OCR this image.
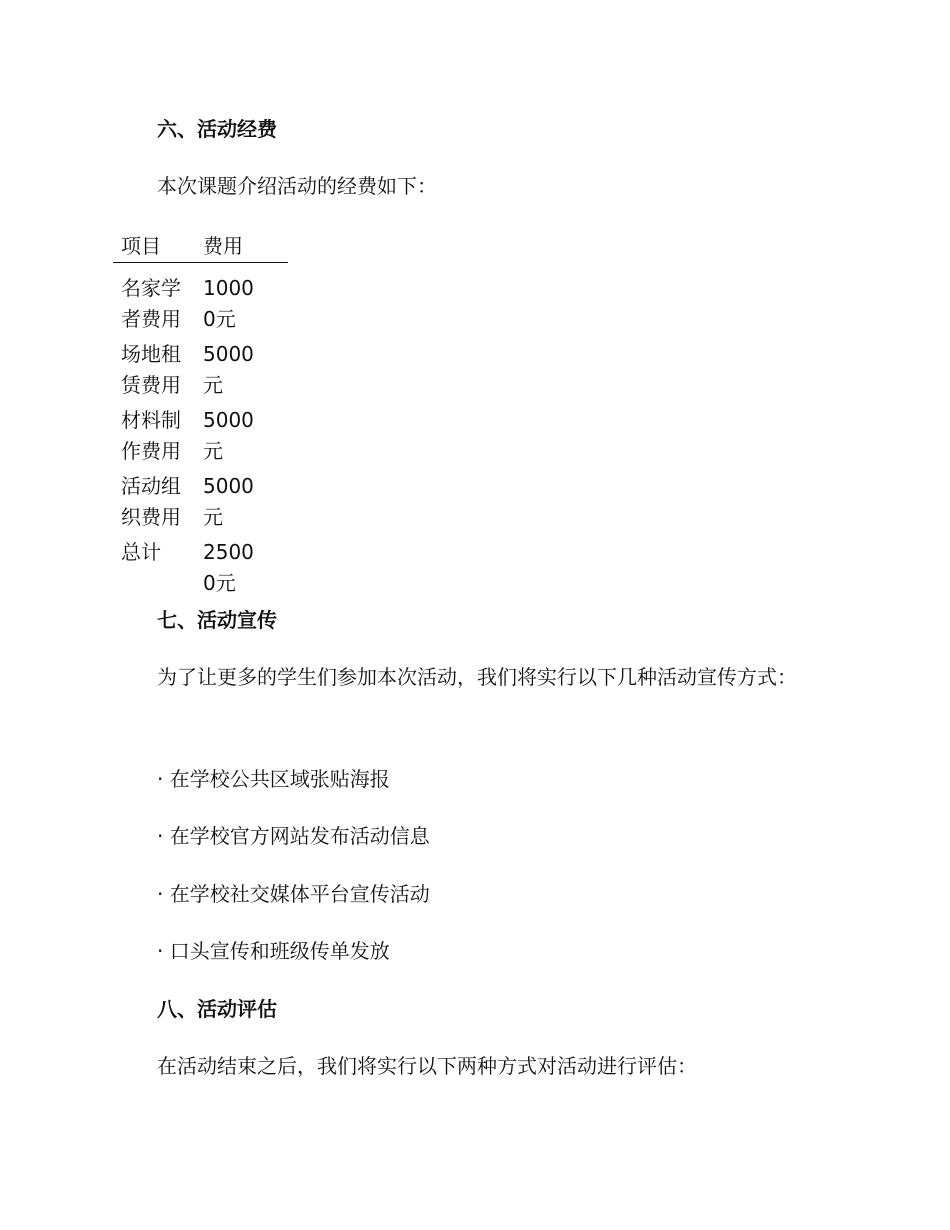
六、活动经费
本次课题介绍活动的经费如下：
项目	费用
名家学者费用
10000元
场地租赁费用
5000元
材料制作费用
5000元
活动组织费用
5000元
总计	25000元
七、活动宣传
为了让更多的学生们参加本次活动，我们将实行以下几种活动宣传方式：
· 在学校公共区域张贴海报
· 在学校官方网站发布活动信息
· 在学校社交媒体平台宣传活动
· 口头宣传和班级传单发放
八、活动评估
在活动结束之后，我们将实行以下两种方式对活动进行评估：
